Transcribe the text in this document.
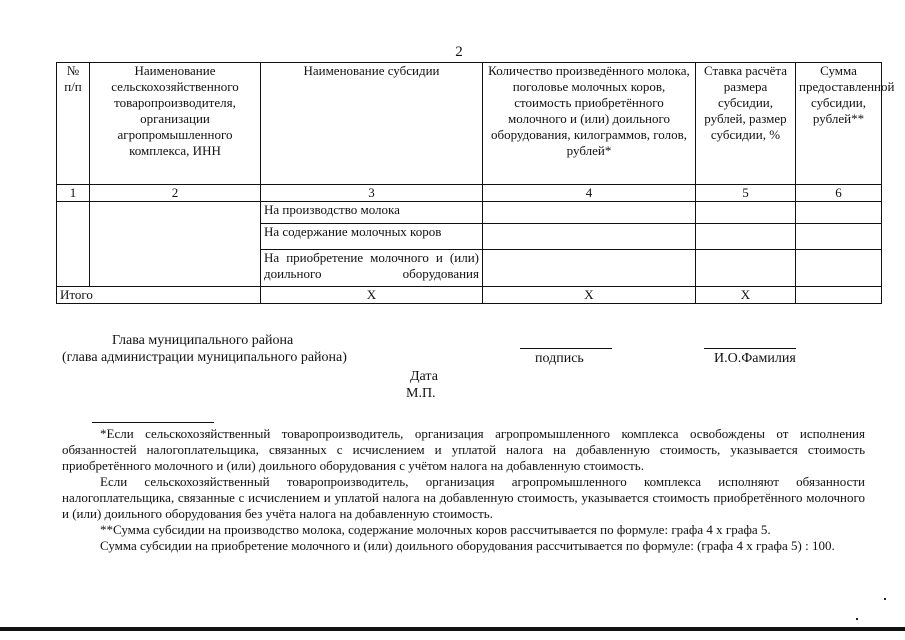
2
№ п/п	Наименование сельскохозяйственного товаропроизводителя, организации агропромышленного комплекса, ИНН	Наименование субсидии	Количество произведённого молока, поголовье молочных коров, стоимость приобретённого молочного и (или) доильного оборудования, килограммов, голов, рублей*	Ставка расчёта размера субсидии, рублей, размер субсидии, %	Сумма предоставленной субсидии, рублей**
1	2	3	4	5	6
		На производство молока			
		На содержание молочных коров			
		На приобретение молочного и (или) доильного оборудования			
Итого		Х	Х	Х	
Глава муниципального района
(глава администрации муниципального района)	подпись	И.О.Фамилия
Дата
М.П.

*Если сельскохозяйственный товаропроизводитель, организация агропромышленного комплекса освобождены от исполнения обязанностей налогоплательщика, связанных с исчислением и уплатой налога на добавленную стоимость, указывается стоимость приобретённого молочного и (или) доильного оборудования с учётом налога на добавленную стоимость.

Если сельскохозяйственный товаропроизводитель, организация агропромышленного комплекса исполняют обязанности налогоплательщика, связанные с исчислением и уплатой налога на добавленную стоимость, указывается стоимость приобретённого молочного и (или) доильного оборудования без учёта налога на добавленную стоимость.

**Сумма субсидии на производство молока, содержание молочных коров рассчитывается по формуле: графа 4 х графа 5.

Сумма субсидии на приобретение молочного и (или) доильного оборудования рассчитывается по формуле: (графа 4 х графа 5) : 100.
